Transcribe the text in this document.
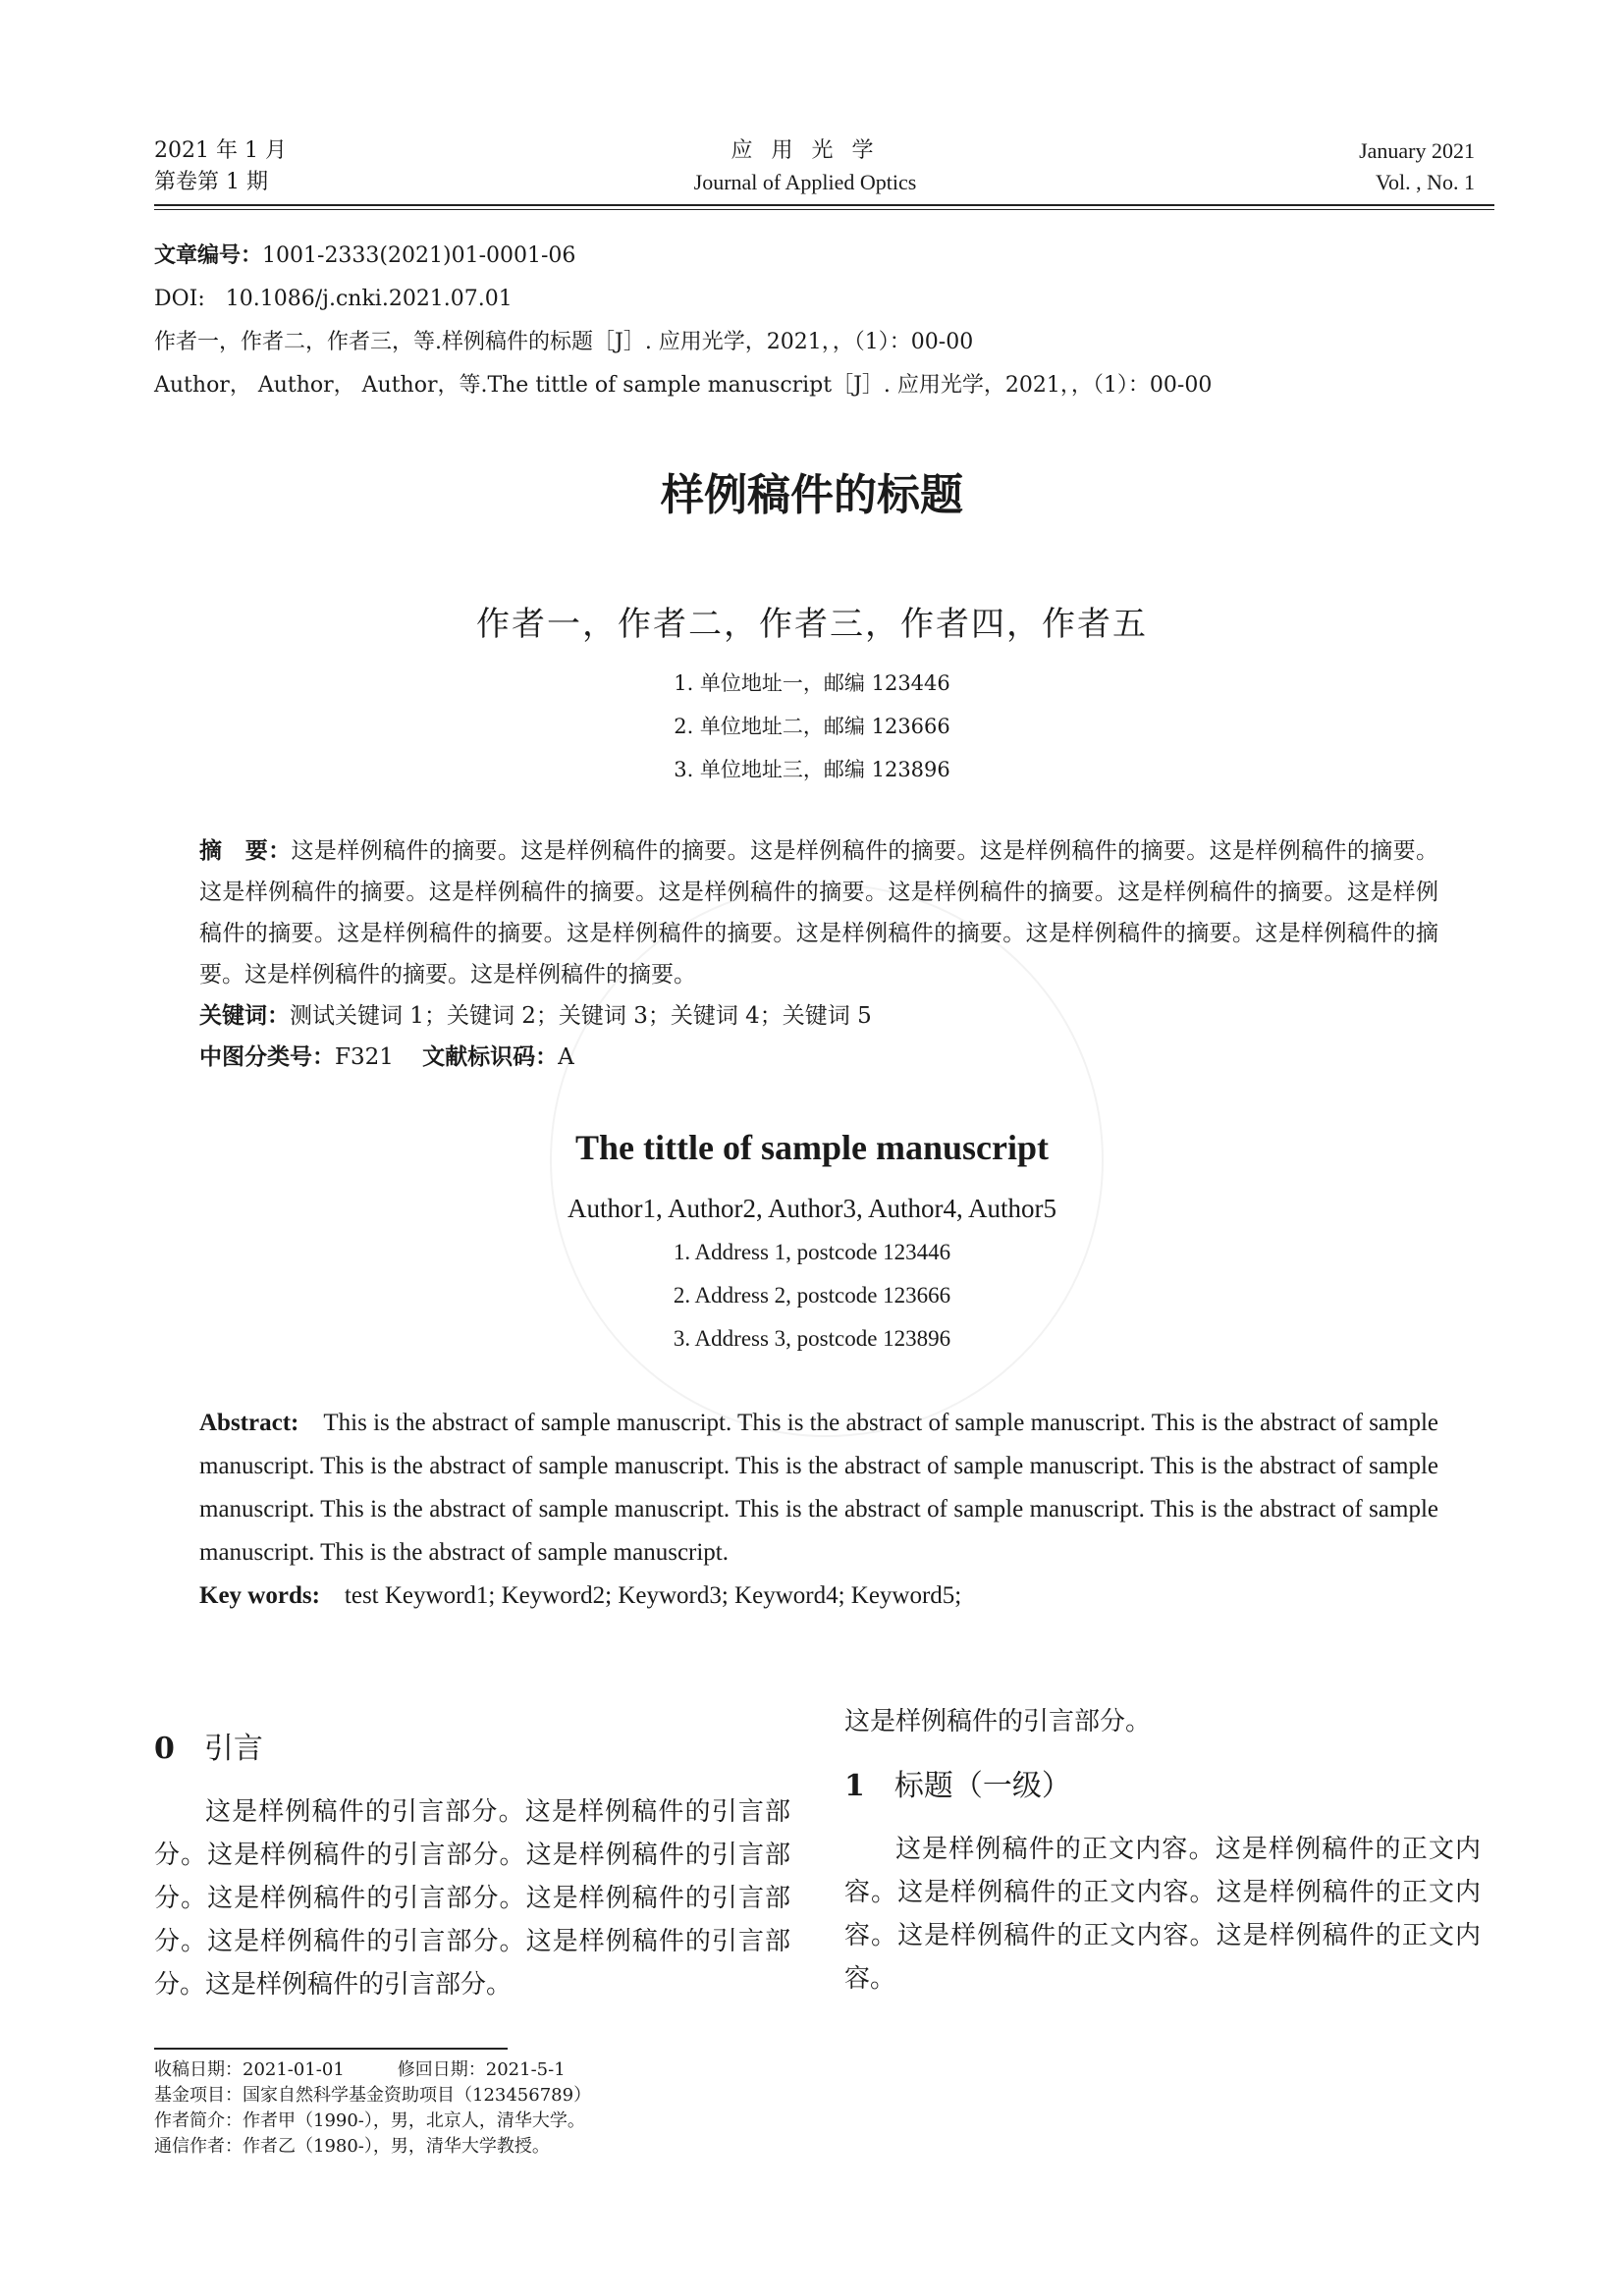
2021 年 1 月
第卷第 1 期
应 用 光 学
Journal of Applied Optics
January 2021
Vol. , No. 1
文章编号：1001-2333(2021)01-0001-06
DOI: 10.1086/j.cnki.2021.07.01
作者一，作者二，作者三，等.样例稿件的标题［J］. 应用光学，2021，，（1）：00-00
Author， Author， Author，等.The tittle of sample manuscript［J］. 应用光学，2021，，（1）：00-00
样例稿件的标题
作者一，作者二，作者三，作者四，作者五
1. 单位地址一，邮编 123446
2. 单位地址二，邮编 123666
3. 单位地址三，邮编 123896
摘　要：这是样例稿件的摘要。这是样例稿件的摘要。这是样例稿件的摘要。这是样例稿件的摘要。这是样例稿件的摘要。这是样例稿件的摘要。这是样例稿件的摘要。这是样例稿件的摘要。这是样例稿件的摘要。这是样例稿件的摘要。这是样例稿件的摘要。这是样例稿件的摘要。这是样例稿件的摘要。这是样例稿件的摘要。这是样例稿件的摘要。这是样例稿件的摘要。这是样例稿件的摘要。这是样例稿件的摘要。
关键词：测试关键词 1；关键词 2；关键词 3；关键词 4；关键词 5
中图分类号：F321 文献标识码：A
The tittle of sample manuscript
Author1, Author2, Author3, Author4, Author5
1. Address 1, postcode 123446
2. Address 2, postcode 123666
3. Address 3, postcode 123896
Abstract: This is the abstract of sample manuscript. This is the abstract of sample manuscript. This is the abstract of sample manuscript. This is the abstract of sample manuscript. This is the abstract of sample manuscript. This is the abstract of sample manuscript. This is the abstract of sample manuscript. This is the abstract of sample manuscript. This is the abstract of sample manuscript. This is the abstract of sample manuscript.
Key words: test Keyword1; Keyword2; Keyword3; Keyword4; Keyword5;
0 引言
这是样例稿件的引言部分。这是样例稿件的引言部分。这是样例稿件的引言部分。这是样例稿件的引言部分。这是样例稿件的引言部分。这是样例稿件的引言部分。这是样例稿件的引言部分。这是样例稿件的引言部分。这是样例稿件的引言部分。
这是样例稿件的引言部分。
1 标题（一级）
这是样例稿件的正文内容。这是样例稿件的正文内容。这是样例稿件的正文内容。这是样例稿件的正文内容。这是样例稿件的正文内容。这是样例稿件的正文内容。
收稿日期：2021-01-01　　　修回日期：2021-5-1
基金项目：国家自然科学基金资助项目（123456789）
作者简介：作者甲（1990-），男，北京人，清华大学。
通信作者：作者乙（1980-），男，清华大学教授。
